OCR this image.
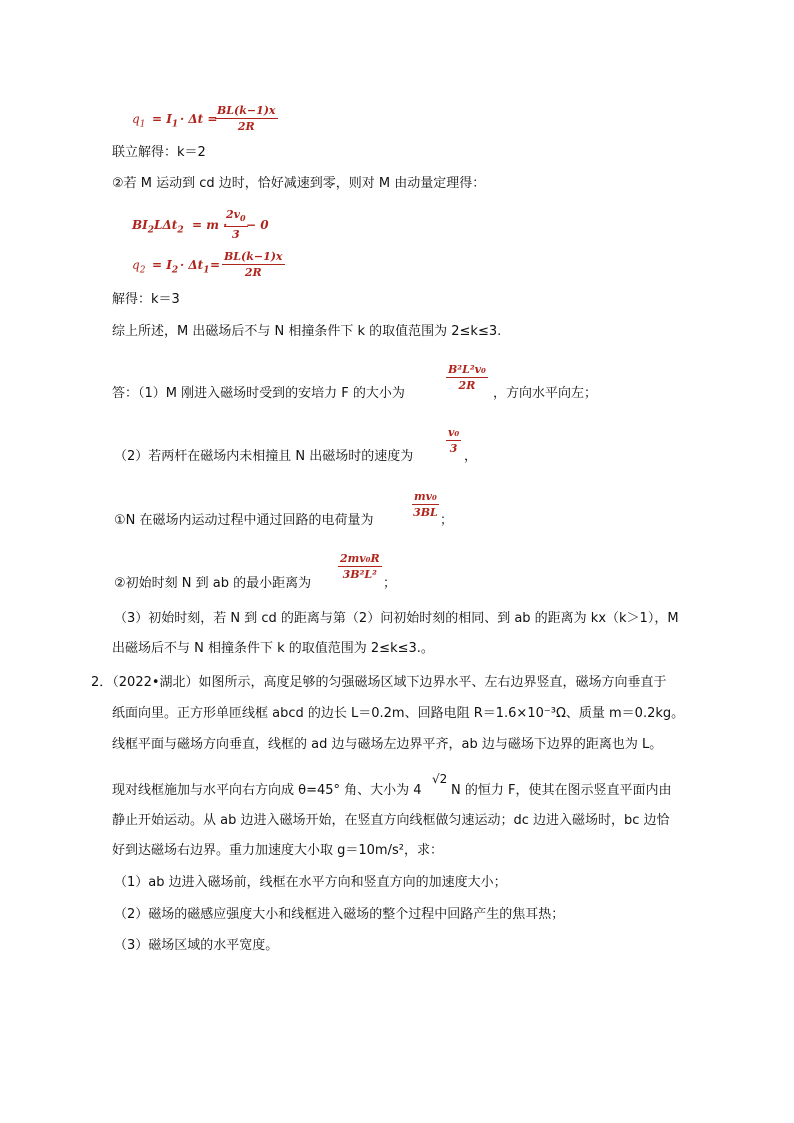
$q_1 = I_1 \cdot \Delta t$ =
$\frac{BL(k-1)x}{2R}$
联立解得：k＝2
②若 M 运动到 cd 边时，恰好减速到零，则对 M 由动量定理得：
$BI_2L\Delta t_2 = m$ ·
$\frac{2v_0}{3}$
− 0
$q_2 = I_2 \cdot \Delta t_1 = \frac{BL(k-1)x}{2R}$
解得：k＝3
综上所述，M 出磁场后不与 N 相撞条件下 k 的取值范围为 2≤k≤3.
答：（1）M 刚进入磁场时受到的安培力 F 的大小为
$\frac{\text{B²L²v₀}}{2R}$
，方向水平向左；
（2）若两杆在磁场内未相撞且 N 出磁场时的速度为
$\frac{\text{v₀}}{3}$
，
①N 在磁场内运动过程中通过回路的电荷量为
$\frac{\text{mv₀}}{3BL}$
；
②初始时刻 N 到 ab 的最小距离为
$\frac{\text{2mv₀R}}{\text{3B²L²}}$
；
（3）初始时刻，若 N 到 cd 的距离与第（2）问初始时刻的相同、到 ab 的距离为 kx（k＞1），M
出磁场后不与 N 相撞条件下 k 的取值范围为 2≤k≤3.。
2．（2022•湖北）如图所示，高度足够的匀强磁场区域下边界水平、左右边界竖直，磁场方向垂直于
纸面向里。正方形单匝线框 abcd 的边长 L＝0.2m、回路电阻 R＝1.6×10⁻³Ω、质量 m＝0.2kg。
线框平面与磁场方向垂直，线框的 ad 边与磁场左边界平齐，ab 边与磁场下边界的距离也为 L。
现对线框施加与水平向右方向成 θ=45° 角、大小为 4
√2
N 的恒力 F，使其在图示竖直平面内由
静止开始运动。从 ab 边进入磁场开始，在竖直方向线框做匀速运动；dc 边进入磁场时，bc 边恰
好到达磁场右边界。重力加速度大小取 g＝10m/s²，求：
（1）ab 边进入磁场前，线框在水平方向和竖直方向的加速度大小；
（2）磁场的磁感应强度大小和线框进入磁场的整个过程中回路产生的焦耳热；
（3）磁场区域的水平宽度。
